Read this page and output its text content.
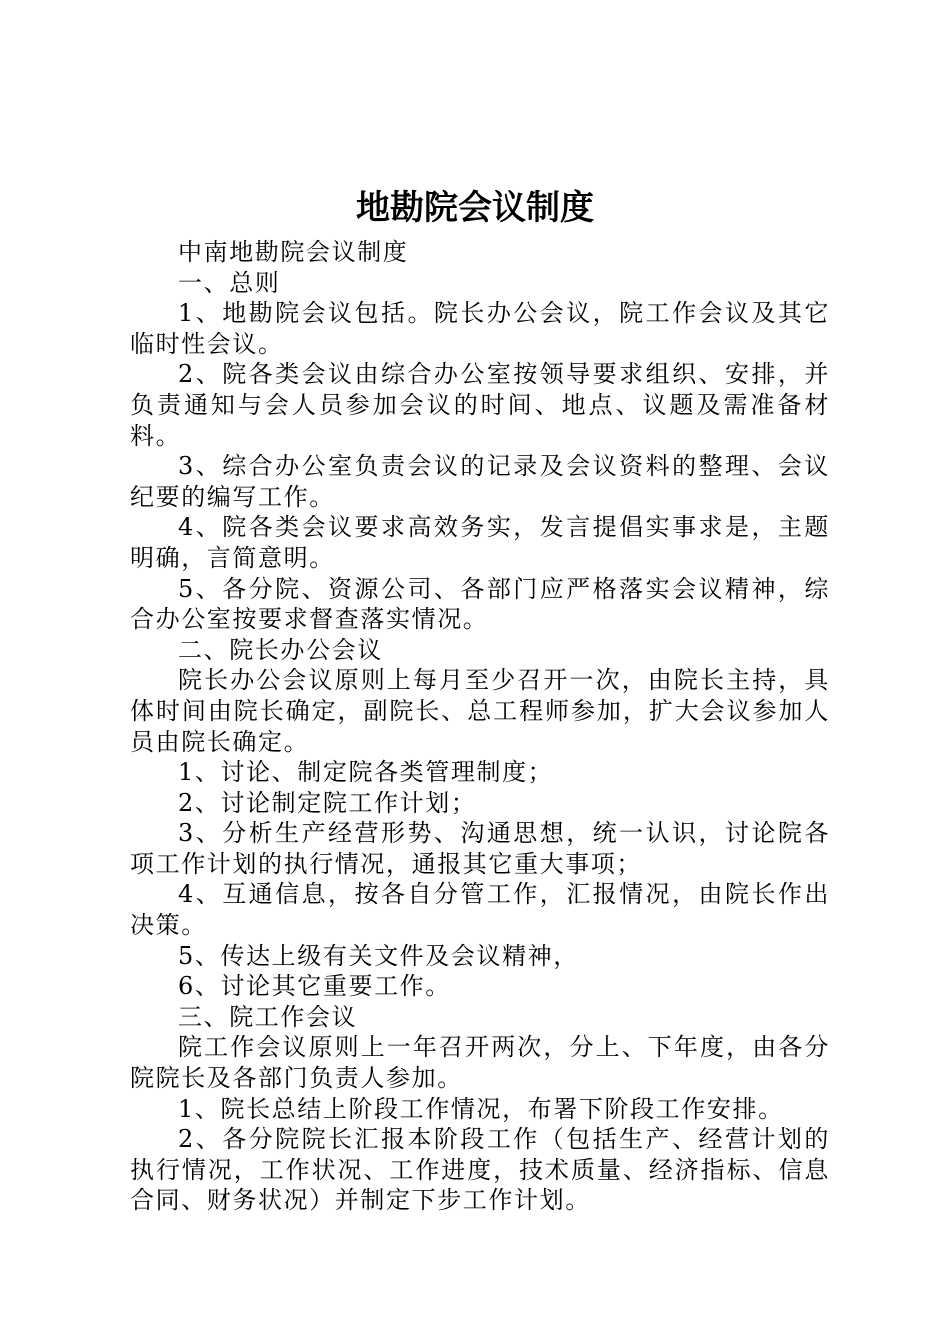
地勘院会议制度

中南地勘院会议制度

一、总则

1、地勘院会议包括。院长办公会议，院工作会议及其它临时性会议。

2、院各类会议由综合办公室按领导要求组织、安排，并负责通知与会人员参加会议的时间、地点、议题及需准备材料。

3、综合办公室负责会议的记录及会议资料的整理、会议纪要的编写工作。

4、院各类会议要求高效务实，发言提倡实事求是，主题明确，言简意明。

5、各分院、资源公司、各部门应严格落实会议精神，综合办公室按要求督查落实情况。

二、院长办公会议

院长办公会议原则上每月至少召开一次，由院长主持，具体时间由院长确定，副院长、总工程师参加，扩大会议参加人员由院长确定。

1、讨论、制定院各类管理制度；

2、讨论制定院工作计划；

3、分析生产经营形势、沟通思想，统一认识，讨论院各项工作计划的执行情况，通报其它重大事项；

4、互通信息，按各自分管工作，汇报情况，由院长作出决策。

5、传达上级有关文件及会议精神，

6、讨论其它重要工作。

三、院工作会议

院工作会议原则上一年召开两次，分上、下年度，由各分院院长及各部门负责人参加。

1、院长总结上阶段工作情况，布署下阶段工作安排。

2、各分院院长汇报本阶段工作（包括生产、经营计划的执行情况，工作状况、工作进度，技术质量、经济指标、信息合同、财务状况）并制定下步工作计划。
